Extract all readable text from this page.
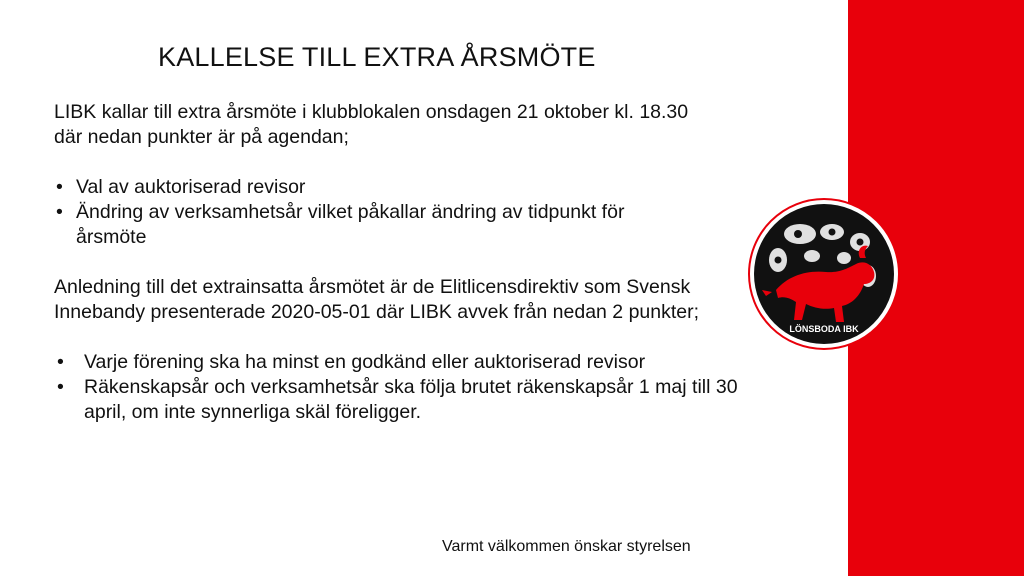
KALLELSE TILL EXTRA ÅRSMÖTE

LIBK kallar till extra årsmöte i klubblokalen onsdagen 21 oktober kl. 18.30 där nedan punkter är på agendan;

• Val av auktoriserad revisor
• Ändring av verksamhetsår vilket påkallar ändring av tidpunkt för årsmöte

Anledning till det extrainsatta årsmötet är de Elitlicensdirektiv som Svensk Innebandy presenterade 2020-05-01 där LIBK avvek från nedan 2 punkter;

• Varje förening ska ha minst en godkänd eller auktoriserad revisor
• Räkenskapsår och verksamhetsår ska följa brutet räkenskapsår 1 maj till 30 april, om inte synnerliga skäl föreligger.
Varmt välkommen önskar styrelsen
LÖNSBODA IBK
